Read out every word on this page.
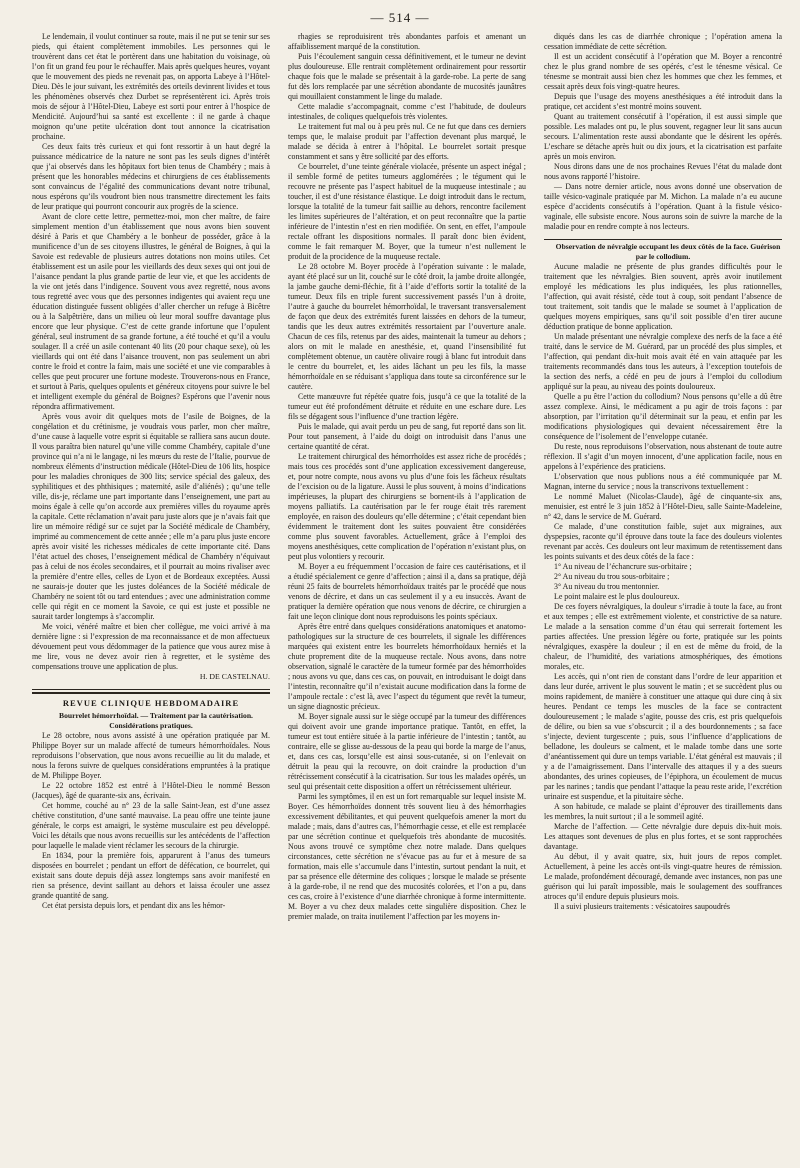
— 514 —

Le lendemain, il voulut continuer sa route, mais il ne put se tenir sur ses pieds, qui étaient complètement immobiles. Les personnes qui le trouvèrent dans cet état le portèrent dans une habitation du voisinage, où l’on fit un grand feu pour le réchauffer. Mais après quelques heures, voyant que le mouvement des pieds ne revenait pas, on apporta Labeye à l’Hôtel-Dieu. Dès le jour suivant, les extrémités des orteils devinrent livides et tous les phénomènes observés chez Durbet se représentèrent ici. Après trois mois de séjour à l’Hôtel-Dieu, Labeye est sorti pour entrer à l’hospice de Mendicité. Aujourd’hui sa santé est excellente : il ne garde à chaque moignon qu’une petite ulcération dont tout annonce la cicatrisation prochaine.

Ces deux faits très curieux et qui font ressortir à un haut degré la puissance médicatrice de la nature ne sont pas les seuls dignes d’intérêt que j’ai observés dans les hôpitaux fort bien tenus de Chambéry ; mais à présent que les honorables médecins et chirurgiens de ces établissements sont convaincus de l’égalité des communications devant notre tribunal, nous espérons qu’ils voudront bien nous transmettre directement les faits de leur pratique qui pourront concourir aux progrès de la science.

Avant de clore cette lettre, permettez-moi, mon cher maître, de faire simplement mention d’un établissement que nous avons bien souvent désiré à Paris et que Chambéry a le bonheur de posséder, grâce à la munificence d’un de ses citoyens illustres, le général de Boignes, à qui la Savoie est redevable de plusieurs autres dotations non moins utiles. Cet établissement est un asile pour les vieillards des deux sexes qui ont joui de l’aisance pendant la plus grande partie de leur vie, et que les accidents de la vie ont jetés dans l’indigence. Souvent vous avez regretté, nous avons tous regretté avec vous que des personnes indigentes qui avaient reçu une éducation distinguée fussent obligées d’aller chercher un refuge à Bicêtre ou à la Salpêtrière, dans un milieu où leur moral souffre davantage plus encore que leur physique. C’est de cette grande infortune que l’opulent général, seul instrument de sa grande fortune, a été touché et qu’il a voulu soulager. Il a créé un asile contenant 40 lits (20 pour chaque sexe), où les vieillards qui ont été dans l’aisance trouvent, non pas seulement un abri contre le froid et contre la faim, mais une société et une vie comparables à celles que peut procurer une fortune modeste. Trouverons-nous en France, et surtout à Paris, quelques opulents et généreux citoyens pour suivre le bel et intelligent exemple du général de Boignes? Espérons que l’avenir nous répondra affirmativement.

Après vous avoir dit quelques mots de l’asile de Boignes, de la congélation et du crétinisme, je voudrais vous parler, mon cher maître, d’une cause à laquelle votre esprit si équitable se ralliera sans aucun doute. Il vous paraîtra bien naturel qu’une ville comme Chambéry, capitale d’une province qui n’a ni le langage, ni les mœurs du reste de l’Italie, pourvue de nombreux éléments d’instruction médicale (Hôtel-Dieu de 106 lits, hospice pour les maladies chroniques de 300 lits; service spécial des galeux, des syphilitiques et des phthisiques ; maternité, asile d’aliénés) ; qu’une telle ville, dis-je, réclame une part importante dans l’enseignement, une part au moins égale à celle qu’on accorde aux premières villes du royaume après la capitale. Cette réclamation n’avait paru juste alors que je n’avais fait que lire un mémoire rédigé sur ce sujet par la Société médicale de Chambéry, imprimé au commencement de cette année ; elle m’a paru plus juste encore après avoir visité les richesses médicales de cette importante cité. Dans l’état actuel des choses, l’enseignement médical de Chambéry n’équivaut pas à celui de nos écoles secondaires, et il pourrait au moins rivaliser avec la première d’entre elles, celles de Lyon et de Bordeaux exceptées. Aussi ne saurais-je douter que les justes doléances de la Société médicale de Chambéry ne soient tôt ou tard entendues ; avec une administration comme celle qui régit en ce moment la Savoie, ce qui est juste et possible ne saurait tarder longtemps à s’accomplir.

Me voici, vénéré maître et bien cher collègue, me voici arrivé à ma dernière ligne : si l’expression de ma reconnaissance et de mon affectueux dévouement peut vous dédommager de la patience que vous aurez mise à me lire, vous ne devez avoir rien à regretter, et le système des compensations trouve une application de plus.

H. DE CASTELNAU.

REVUE CLINIQUE HEBDOMADAIRE

Bourrelet hémorrhoïdal. — Traitement par la cautérisation. Considérations pratiques.

Le 28 octobre, nous avons assisté à une opération pratiquée par M. Philippe Boyer sur un malade affecté de tumeurs hémorrhoïdales. Nous reproduisons l’observation, que nous avons recueillie au lit du malade, et nous la ferons suivre de quelques considérations empruntées à la pratique de M. Philippe Boyer.

Le 22 octobre 1852 est entré à l’Hôtel-Dieu le nommé Besson (Jacques), âgé de quarante-six ans, écrivain.

Cet homme, couché au n° 23 de la salle Saint-Jean, est d’une assez chétive constitution, d’une santé mauvaise. La peau offre une teinte jaune générale, le corps est amaigri, le système musculaire est peu développé. Voici les détails que nous avons recueillis sur les antécédents de l’affection pour laquelle le malade vient réclamer les secours de la chirurgie.

En 1834, pour la première fois, apparurent à l’anus des tumeurs disposées en bourrelet ; pendant un effort de défécation, ce bourrelet, qui existait sans doute depuis déjà assez longtemps sans avoir manifesté en rien sa présence, devint saillant au dehors et laissa écouler une assez grande quantité de sang.

Cet état persista depuis lors, et pendant dix ans les hémor-

rhagies se reproduisirent très abondantes parfois et amenant un affaiblissement marqué de la constitution.

Puis l’écoulement sanguin cessa définitivement, et le tumeur ne devint plus douloureuse. Elle rentrait complètement ordinairement pour ressortir chaque fois que le malade se présentait à la garde-robe. La perte de sang fut dès lors remplacée par une sécrétion abondante de mucosités jaunâtres qui mouillaient constamment le linge du malade.

Cette maladie s’accompagnait, comme c’est l’habitude, de douleurs intestinales, de coliques quelquefois très violentes.

Le traitement fut mal ou à peu près nul. Ce ne fut que dans ces derniers temps que, le malaise produit par l’affection devenant plus marqué, le malade se décida à entrer à l’hôpital. Le bourrelet sortait presque constamment et sans y être sollicité par des efforts.

Ce bourrelet, d’une teinte générale violacée, présente un aspect inégal ; il semble formé de petites tumeurs agglomérées ; le tégument qui le recouvre ne présente pas l’aspect habituel de la muqueuse intestinale ; au toucher, il est d’une résistance élastique. Le doigt introduit dans le rectum, lorsque la totalité de la tumeur fait saillie au dehors, rencontre facilement les limites supérieures de l’altération, et on peut reconnaître que la partie inférieure de l’intestin n’est en rien modifiée. On sent, en effet, l’ampoule rectale offrant les dispositions normales. Il paraît donc bien évident, comme le fait remarquer M. Boyer, que la tumeur n’est nullement le produit de la procidence de la muqueuse rectale.

Le 28 octobre M. Boyer procède à l’opération suivante : le malade, ayant été placé sur un lit, couché sur le côté droit, la jambe droite allongée, la jambe gauche demi-fléchie, fit à l’aide d’efforts sortir la totalité de la tumeur. Deux fils en triple furent successivement passés l’un à droite, l’autre à gauche du bourrelet hémorrhoïdal, le traversant transversalement de façon que deux des extrémités furent laissées en dehors de la tumeur, tandis que les deux autres extrémités ressortaient par l’ouverture anale. Chacun de ces fils, retenus par des aides, maintenait la tumeur au dehors ; alors on mit le malade en anesthésie, et, quand l’insensibilité fut complètement obtenue, un cautère olivaire rougi à blanc fut introduit dans le centre du bourrelet, et, les aides lâchant un peu les fils, la masse hémorrhoïdale en se réduisant s’appliqua dans toute sa circonférence sur le cautère.

Cette manœuvre fut répétée quatre fois, jusqu’à ce que la totalité de la tumeur eut été profondément détruite et réduite en une eschare dure. Les fils se dégagent sous l’influence d’une traction légère.

Puis le malade, qui avait perdu un peu de sang, fut reporté dans son lit. Pour tout pansement, à l’aide du doigt on introduisit dans l’anus une certaine quantité de cérat.

Le traitement chirurgical des hémorrhoïdes est assez riche de procédés ; mais tous ces procédés sont d’une application excessivement dangereuse, et, pour notre compte, nous avons vu plus d’une fois les fâcheux résultats de l’excision ou de la ligature. Aussi le plus souvent, à moins d’indications impérieuses, la plupart des chirurgiens se bornent-ils à l’application de moyens palliatifs. La cautérisation par le fer rouge était très rarement employée, en raison des douleurs qu’elle détermine ; c’était cependant bien évidemment le traitement dont les suites pouvaient être considérées comme plus souvent favorables. Actuellement, grâce à l’emploi des moyens anesthésiques, cette complication de l’opération n’existant plus, on peut plus volontiers y recourir.

M. Boyer a eu fréquemment l’occasion de faire ces cautérisations, et il a étudié spécialement ce genre d’affection ; ainsi il a, dans sa pratique, déjà réuni 25 faits de bourrelets hémorrhoïdaux traités par le procédé que nous venons de décrire, et dans un cas seulement il y a eu insuccès. Avant de pratiquer la dernière opération que nous venons de décrire, ce chirurgien a fait une leçon clinique dont nous reproduisons les points spéciaux.

Après être entré dans quelques considérations anatomiques et anatomo-pathologiques sur la structure de ces bourrelets, il signale les différences marquées qui existent entre les bourrelets hémorrhoïdaux herniés et la chute proprement dite de la muqueuse rectale. Nous avons, dans notre observation, signalé le caractère de la tumeur formée par des hémorrhoïdes ; nous avons vu que, dans ces cas, on pouvait, en introduisant le doigt dans l’intestin, reconnaître qu’il n’existait aucune modification dans la forme de l’ampoule rectale : c’est là, avec l’aspect du tégument que revêt la tumeur, un signe diagnostic précieux.

M. Boyer signale aussi sur le siège occupé par la tumeur des différences qui doivent avoir une grande importance pratique. Tantôt, en effet, la tumeur est tout entière située à la partie inférieure de l’intestin ; tantôt, au contraire, elle se glisse au-dessous de la peau qui borde la marge de l’anus, et, dans ces cas, lorsqu’elle est ainsi sous-cutanée, si on l’enlevait on détruit la peau qui la recouvre, on doit craindre la production d’un rétrécissement consécutif à la cicatrisation. Sur tous les malades opérés, un seul qui présentait cette disposition a offert un rétrécissement ultérieur.

Parmi les symptômes, il en est un fort remarquable sur lequel insiste M. Boyer. Ces hémorrhoïdes donnent très souvent lieu à des hémorrhagies excessivement débilitantes, et qui peuvent quelquefois amener la mort du malade ; mais, dans d’autres cas, l’hémorrhagie cesse, et elle est remplacée par une sécrétion continue et quelquefois très abondante de mucosités. Nous avons trouvé ce symptôme chez notre malade. Dans quelques circonstances, cette sécrétion ne s’évacue pas au fur et à mesure de sa formation, mais elle s’accumule dans l’intestin, surtout pendant la nuit, et par sa présence elle détermine des coliques ; lorsque le malade se présente à la garde-robe, il ne rend que des mucosités colorées, et l’on a pu, dans ces cas, croire à l’existence d’une diarrhée chronique à forme intermittente. M. Boyer a vu chez deux malades cette singulière disposition. Chez le premier malade, on traita inutilement l’affection par les moyens in-

diqués dans les cas de diarrhée chronique ; l’opération amena la cessation immédiate de cette sécrétion.

Il est un accident consécutif à l’opération que M. Boyer a rencontré chez le plus grand nombre de ses opérés, c’est le ténesme vésical. Ce ténesme se montrait aussi bien chez les hommes que chez les femmes, et cessait après deux fois vingt-quatre heures.

Depuis que l’usage des moyens anesthésiques a été introduit dans la pratique, cet accident s’est montré moins souvent.

Quant au traitement consécutif à l’opération, il est aussi simple que possible. Les malades ont pu, le plus souvent, regagner leur lit sans aucun secours. L’alimentation reste aussi abondante que le désirent les opérés. L’eschare se détache après huit ou dix jours, et la cicatrisation est parfaite après un mois environ.

Nous dirons dans une de nos prochaines Revues l’état du malade dont nous avons rapporté l’histoire.

— Dans notre dernier article, nous avons donné une observation de taille vésico-vaginale pratiquée par M. Michon. La malade n’a eu aucune espèce d’accidents consécutifs à l’opération. Quant à la fistule vésico-vaginale, elle subsiste encore. Nous aurons soin de suivre la marche de la maladie pour en rendre compte à nos lecteurs.

Observation de névralgie occupant les deux côtés de la face. Guérison par le collodium.

Aucune maladie ne présente de plus grandes difficultés pour le traitement que les névralgies. Bien souvent, après avoir inutilement employé les médications les plus indiquées, les plus rationnelles, l’affection, qui avait résisté, cède tout à coup, soit pendant l’absence de tout traitement, soit tandis que le malade se soumet à l’application de quelques moyens empiriques, sans qu’il soit possible d’en tirer aucune déduction pratique de bonne application.

Un malade présentant une névralgie complexe des nerfs de la face a été traité, dans le service de M. Guérard, par un procédé des plus simples, et l’affection, qui pendant dix-huit mois avait été en vain attaquée par les traitements recommandés dans tous les auteurs, à l’exception toutefois de la section des nerfs, a cédé en peu de jours à l’emploi du collodium appliqué sur la peau, au niveau des points douloureux.

Quelle a pu être l’action du collodium? Nous pensons qu’elle a dû être assez complexe. Ainsi, le médicament a pu agir de trois façons : par absorption, par l’irritation qu’il déterminait sur la peau, et enfin par les modifications physiologiques qui devaient nécessairement être la conséquence de l’isolement de l’enveloppe cutanée.

Du reste, nous reproduisons l’observation, nous abstenant de toute autre réflexion. Il s’agit d’un moyen innocent, d’une application facile, nous en appelons à l’expérience des praticiens.

L’observation que nous publions nous a été communiquée par M. Magnan, interne du service ; nous la transcrivons textuellement :

Le nommé Maluet (Nicolas-Claude), âgé de cinquante-six ans, menuisier, est entré le 3 juin 1852 à l’Hôtel-Dieu, salle Sainte-Madeleine, n° 42, dans le service de M. Guérard.

Ce malade, d’une constitution faible, sujet aux migraines, aux dyspepsies, raconte qu’il éprouve dans toute la face des douleurs violentes revenant par accès. Ces douleurs ont leur maximum de retentissement dans les points suivants et des deux côtés de la face :

1° Au niveau de l’échancrure sus-orbitaire ;

2° Au niveau du trou sous-orbitaire ;

3° Au niveau du trou mentonnier.

Le point malaire est le plus douloureux.

De ces foyers névralgiques, la douleur s’irradie à toute la face, au front et aux tempes ; elle est extrêmement violente, et constrictive de sa nature. Le malade a la sensation comme d’un étau qui serrerait fortement les parties affectées. Une pression légère ou forte, pratiquée sur les points névralgiques, exaspère la douleur ; il en est de même du froid, de la chaleur, de l’humidité, des variations atmosphériques, des émotions morales, etc.

Les accès, qui n’ont rien de constant dans l’ordre de leur apparition et dans leur durée, arrivent le plus souvent le matin ; et se succèdent plus ou moins rapidement, de manière à constituer une attaque qui dure cinq à six heures. Pendant ce temps les muscles de la face se contractent douloureusement ; le malade s’agite, pousse des cris, est pris quelquefois de délire, ou bien sa vue s’obscurcit ; il a des bourdonnements ; sa face s’injecte, devient turgescente ; puis, sous l’influence d’applications de belladone, les douleurs se calment, et le malade tombe dans une sorte d’anéantissement qui dure un temps variable. L’état général est mauvais ; il y a de l’amaigrissement. Dans l’intervalle des attaques il y a des sueurs abondantes, des urines copieuses, de l’épiphora, un écoulement de mucus par les narines ; tandis que pendant l’attaque la peau reste aride, l’excrétion urinaire est suspendue, et la pituitaire sèche.

A son habitude, ce malade se plaint d’éprouver des tiraillements dans les membres, la nuit surtout ; il a le sommeil agité.

Marche de l’affection. — Cette névralgie dure depuis dix-huit mois. Les attaques sont devenues de plus en plus fortes, et se sont rapprochées davantage.

Au début, il y avait quatre, six, huit jours de repos complet. Actuellement, à peine les accès ont-ils vingt-quatre heures de rémission. Le malade, profondément découragé, demande avec instances, non pas une guérison qui lui paraît impossible, mais le soulagement des souffrances atroces qu’il endure depuis plusieurs mois.

Il a suivi plusieurs traitements : vésicatoires saupoudrés
